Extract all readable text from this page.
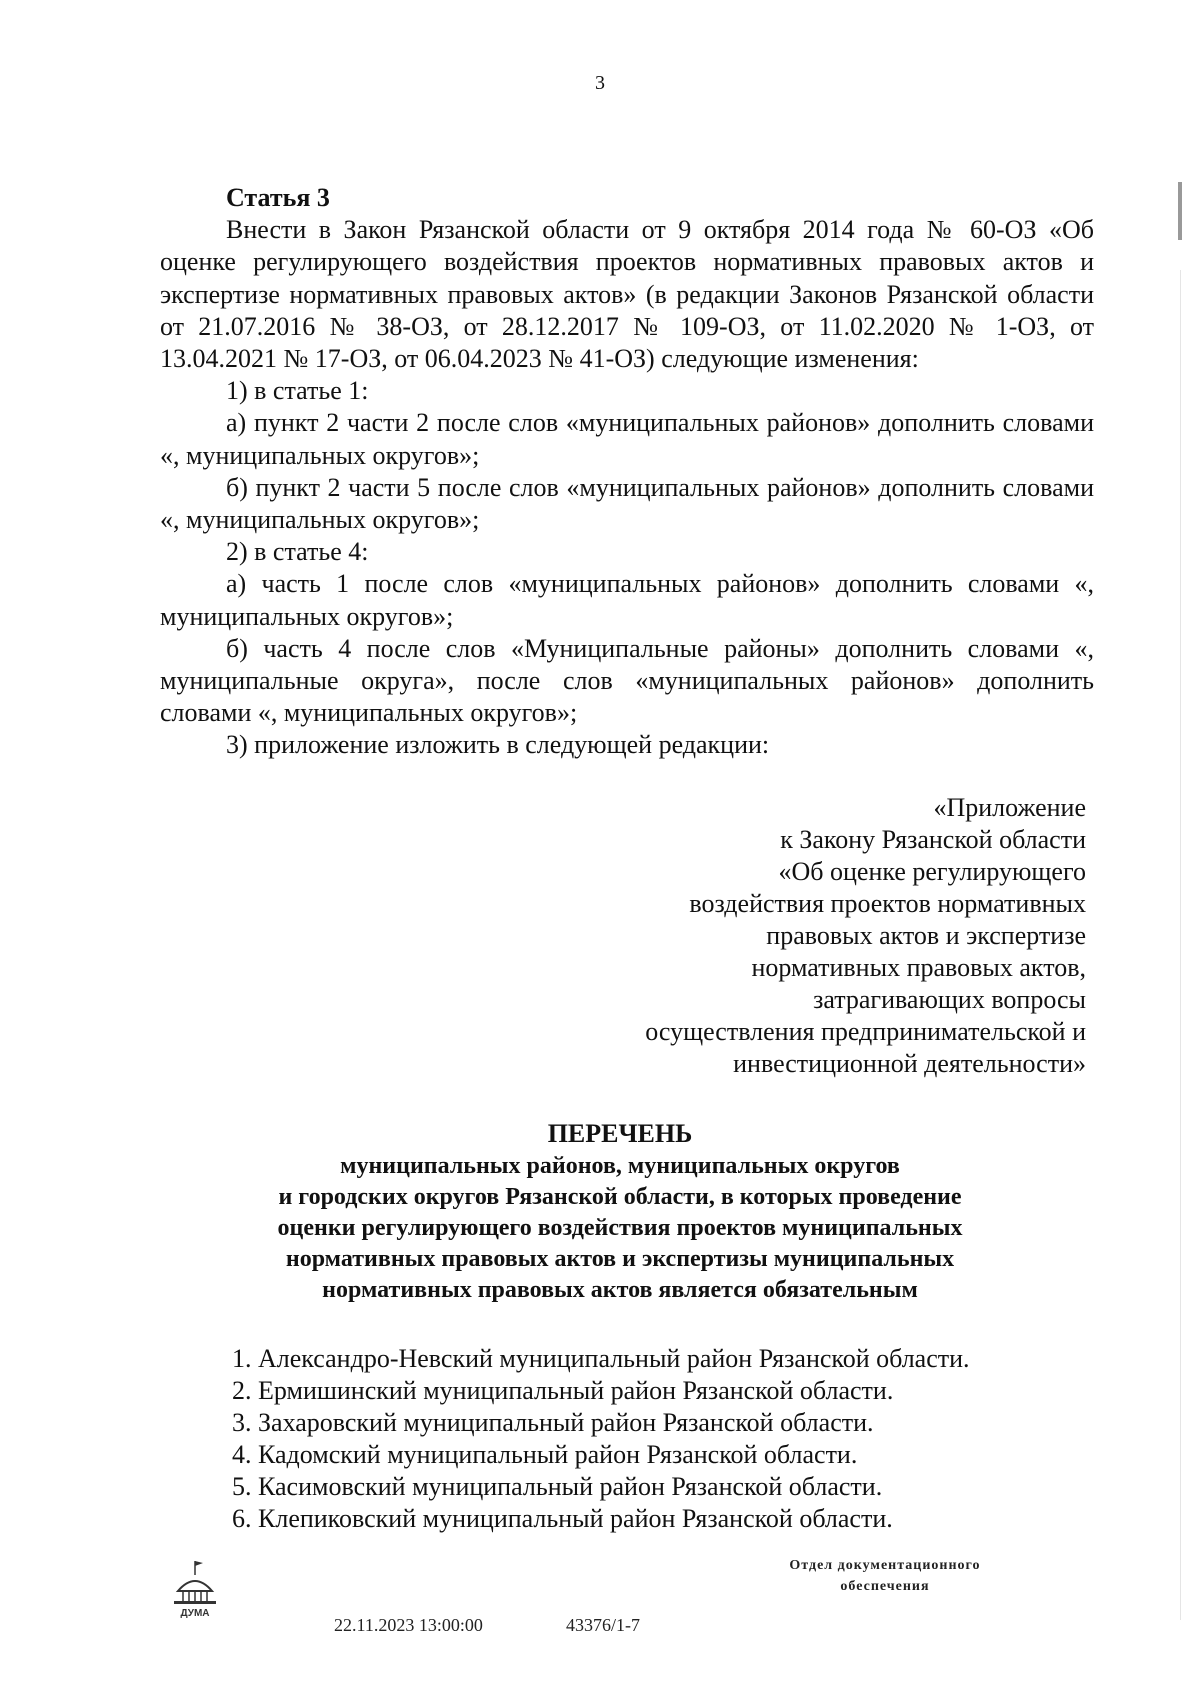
3
Статья 3

Внести в Закон Рязанской области от 9 октября 2014 года № 60-ОЗ «Об оценке регулирующего воздействия проектов нормативных правовых актов и экспертизе нормативных правовых актов» (в редакции Законов Рязанской области от 21.07.2016 № 38-ОЗ, от 28.12.2017 № 109-ОЗ, от 11.02.2020 № 1-ОЗ, от 13.04.2021 № 17-ОЗ, от 06.04.2023 № 41-ОЗ) следующие изменения:

1) в статье 1:

а) пункт 2 части 2 после слов «муниципальных районов» дополнить словами «, муниципальных округов»;

б) пункт 2 части 5 после слов «муниципальных районов» дополнить словами «, муниципальных округов»;

2) в статье 4:

а) часть 1 после слов «муниципальных районов» дополнить словами «, муниципальных округов»;

б) часть 4 после слов «Муниципальные районы» дополнить словами «, муниципальные округа», после слов «муниципальных районов» дополнить словами «, муниципальных округов»;

3) приложение изложить в следующей редакции:

«Приложение
к Закону Рязанской области
«Об оценке регулирующего
воздействия проектов нормативных
правовых актов и экспертизе
нормативных правовых актов,
затрагивающих вопросы
осуществления предпринимательской и
инвестиционной деятельности»
ПЕРЕЧЕНЬ
муниципальных районов, муниципальных округов
и городских округов Рязанской области, в которых проведение
оценки регулирующего воздействия проектов муниципальных
нормативных правовых актов и экспертизы муниципальных
нормативных правовых актов является обязательным
1. Александро-Невский муниципальный район Рязанской области.
2. Ермишинский муниципальный район Рязанской области.
3. Захаровский муниципальный район Рязанской области.
4. Кадомский муниципальный район Рязанской области.
5. Касимовский муниципальный район Рязанской области.
6. Клепиковский муниципальный район Рязанской области.
ДУМА
22.11.2023 13:00:00	43376/1-7
Отдел документационного
обеспечения
